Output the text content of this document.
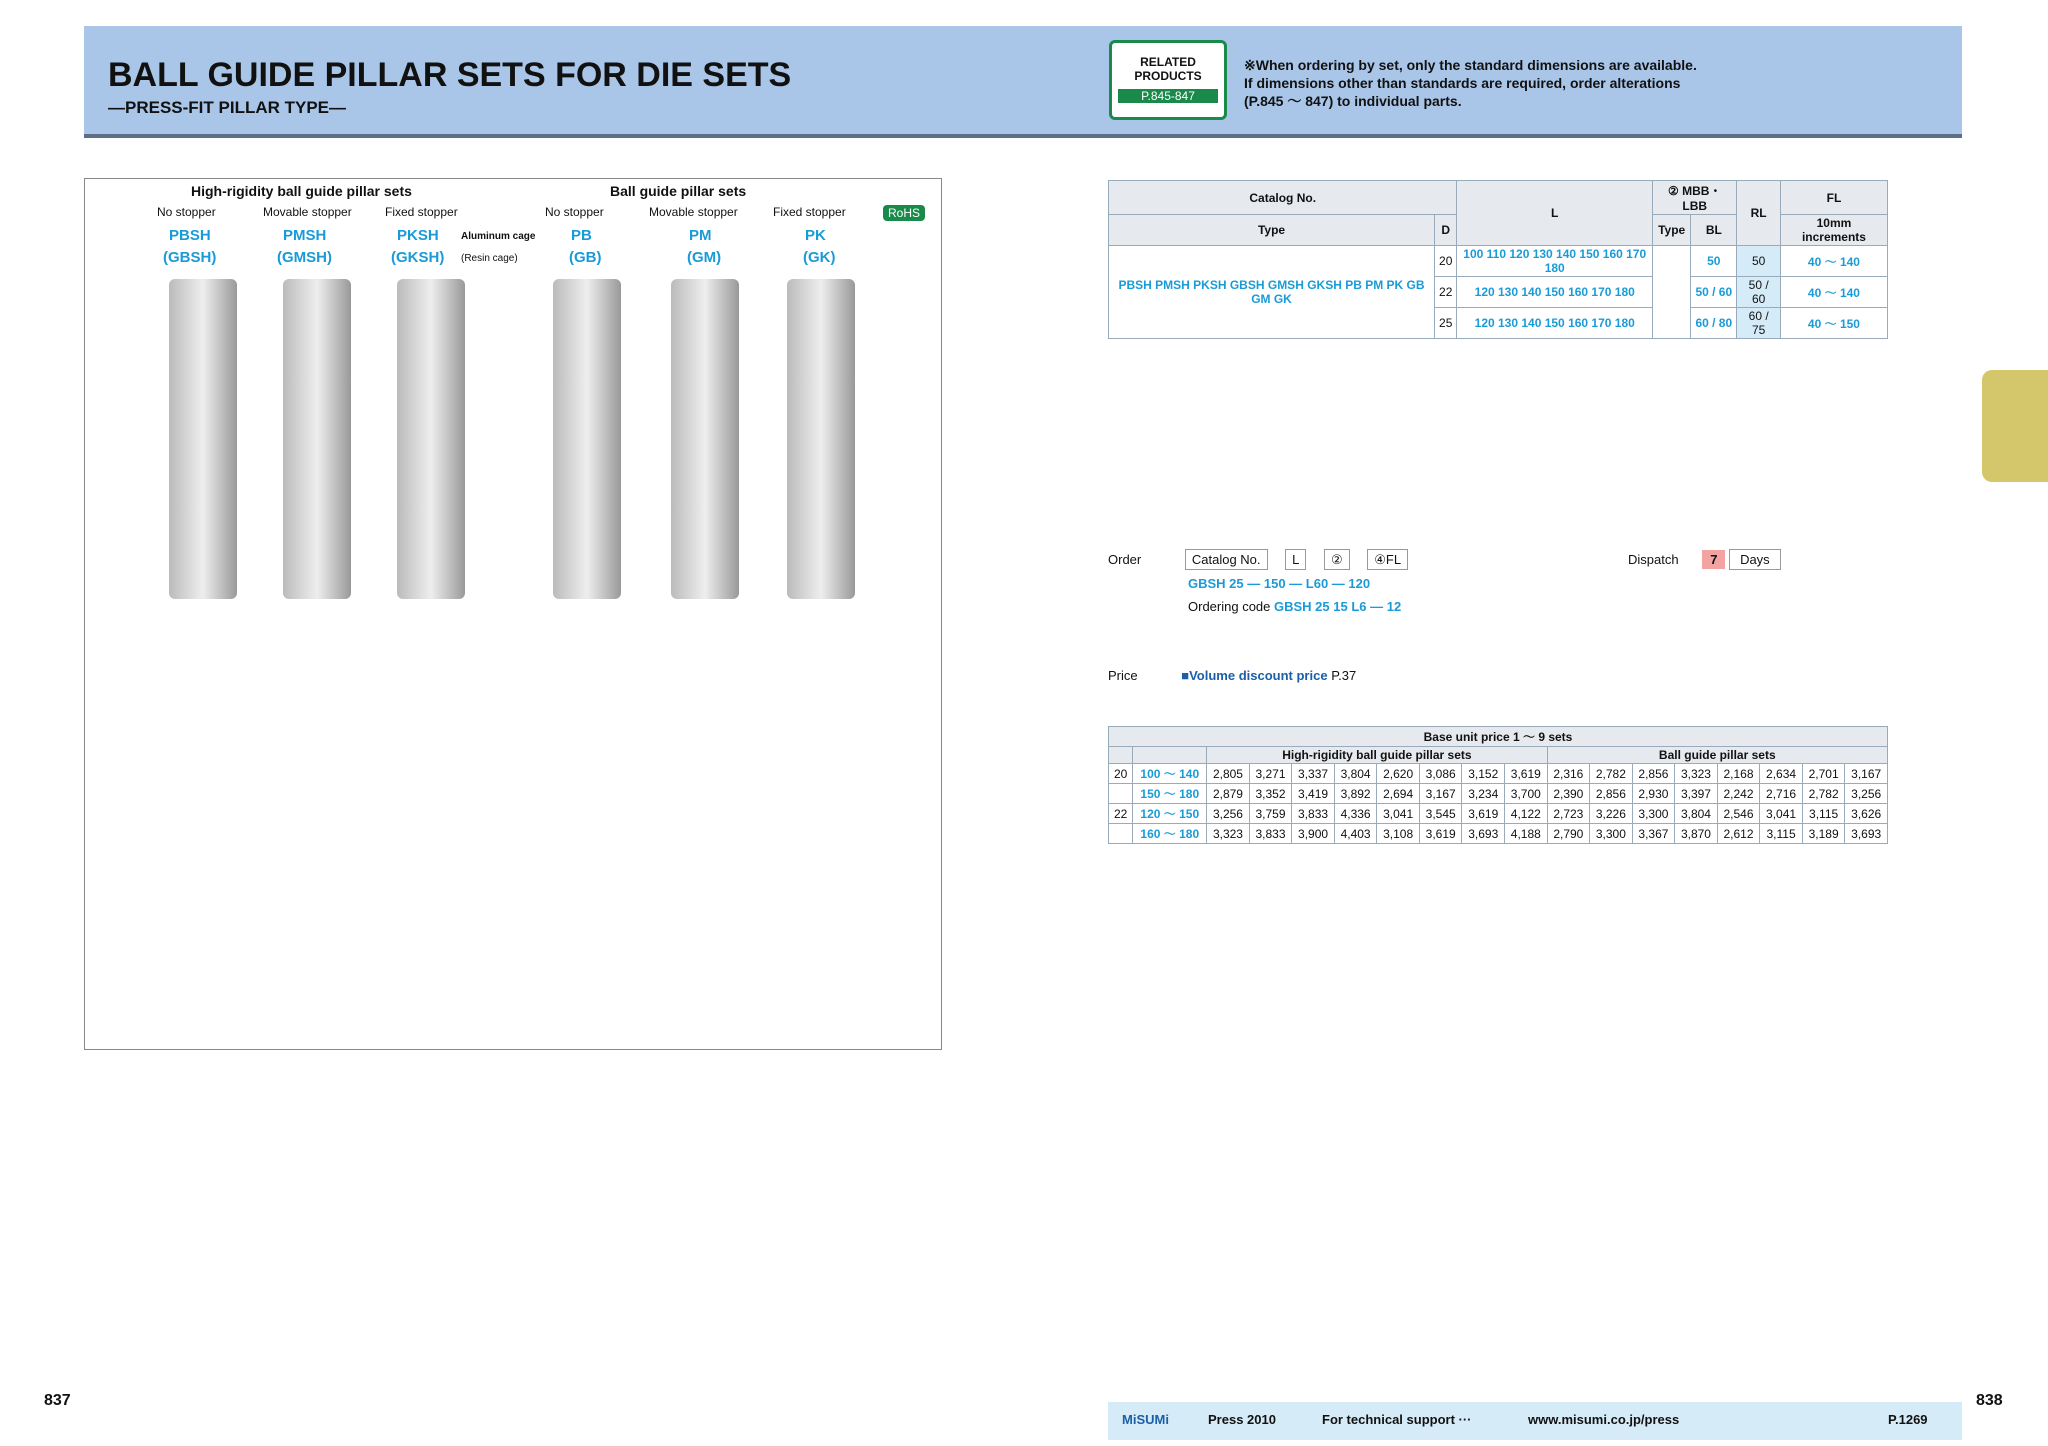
BALL GUIDE PILLAR SETS FOR DIE SETS
―PRESS-FIT PILLAR TYPE―
RELATED PRODUCTS
P.845-847
※When ordering by set, only the standard dimensions are available.
If dimensions other than standards are required, order alterations
(P.845 ～ 847) to individual parts.
High-rigidity ball guide pillar sets	Ball guide pillar sets
RoHS
No stopper	Movable stopper	Fixed stopper	No stopper	Movable stopper	Fixed stopper
PBSH	PMSH	PKSH	PB	PM	PK
(GBSH)	(GMSH)	(GKSH)	(GB)	(GM)	(GK)
Aluminum cage
(Resin cage)
Catalog No.		L	② MBB・LBB		RL	FL
Type	D		Type	BL		10mm increments
PBSH PMSH PKSH GBSH GMSH GKSH PB PM PK GB GM GK	20	100 110 120 130 140 150 160 170 180		50	50	40 ～ 140
	22	120 130 140 150 160 170 180		50 / 60	50 / 60	40 ～ 140
	25	120 130 140 150 160 170 180		60 / 80	60 / 75	40 ～ 150
Order	Catalog No. L ② ④FL
GBSH 25 — 150 — L60 — 120
Ordering code GBSH 25 15 L6 — 12
Dispatch 7 Days
Price	■Volume discount price P.37
Base unit price 1 ～ 9 sets																	
		High-rigidity ball guide pillar sets								Ball guide pillar sets							
20	100 ～ 140	2,805	3,271	3,337	3,804	2,620	3,086	3,152	3,619	2,316	2,782	2,856	3,323	2,168	2,634	2,701	3,167
	150 ～ 180	2,879	3,352	3,419	3,892	2,694	3,167	3,234	3,700	2,390	2,856	2,930	3,397	2,242	2,716	2,782	3,256
22	120 ～ 150	3,256	3,759	3,833	4,336	3,041	3,545	3,619	4,122	2,723	3,226	3,300	3,804	2,546	3,041	3,115	3,626
	160 ～ 180	3,323	3,833	3,900	4,403	3,108	3,619	3,693	4,188	2,790	3,300	3,367	3,870	2,612	3,115	3,189	3,693
MiSUMi	Press 2010	For technical support ···	www.misumi.co.jp/press	P.1269
837	838
